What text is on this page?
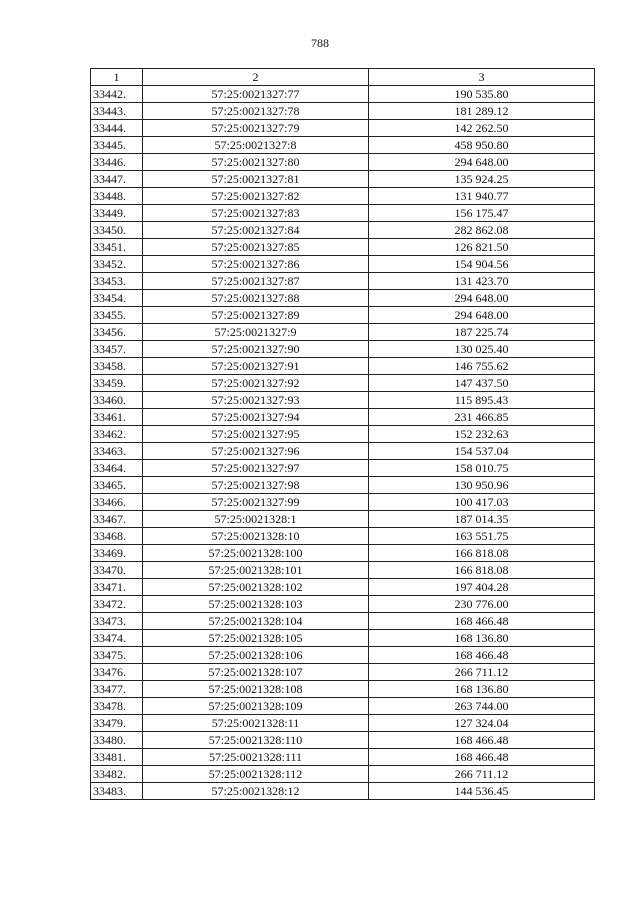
788
1	2	3
33442.	57:25:0021327:77	190 535.80
33443.	57:25:0021327:78	181 289.12
33444.	57:25:0021327:79	142 262.50
33445.	57:25:0021327:8	458 950.80
33446.	57:25:0021327:80	294 648.00
33447.	57:25:0021327:81	135 924.25
33448.	57:25:0021327:82	131 940.77
33449.	57:25:0021327:83	156 175.47
33450.	57:25:0021327:84	282 862.08
33451.	57:25:0021327:85	126 821.50
33452.	57:25:0021327:86	154 904.56
33453.	57:25:0021327:87	131 423.70
33454.	57:25:0021327:88	294 648.00
33455.	57:25:0021327:89	294 648.00
33456.	57:25:0021327:9	187 225.74
33457.	57:25:0021327:90	130 025.40
33458.	57:25:0021327:91	146 755.62
33459.	57:25:0021327:92	147 437.50
33460.	57:25:0021327:93	115 895.43
33461.	57:25:0021327:94	231 466.85
33462.	57:25:0021327:95	152 232.63
33463.	57:25:0021327:96	154 537.04
33464.	57:25:0021327:97	158 010.75
33465.	57:25:0021327:98	130 950.96
33466.	57:25:0021327:99	100 417.03
33467.	57:25:0021328:1	187 014.35
33468.	57:25:0021328:10	163 551.75
33469.	57:25:0021328:100	166 818.08
33470.	57:25:0021328:101	166 818.08
33471.	57:25:0021328:102	197 404.28
33472.	57:25:0021328:103	230 776.00
33473.	57:25:0021328:104	168 466.48
33474.	57:25:0021328:105	168 136.80
33475.	57:25:0021328:106	168 466.48
33476.	57:25:0021328:107	266 711.12
33477.	57:25:0021328:108	168 136.80
33478.	57:25:0021328:109	263 744.00
33479.	57:25:0021328:11	127 324.04
33480.	57:25:0021328:110	168 466.48
33481.	57:25:0021328:111	168 466.48
33482.	57:25:0021328:112	266 711.12
33483.	57:25:0021328:12	144 536.45
